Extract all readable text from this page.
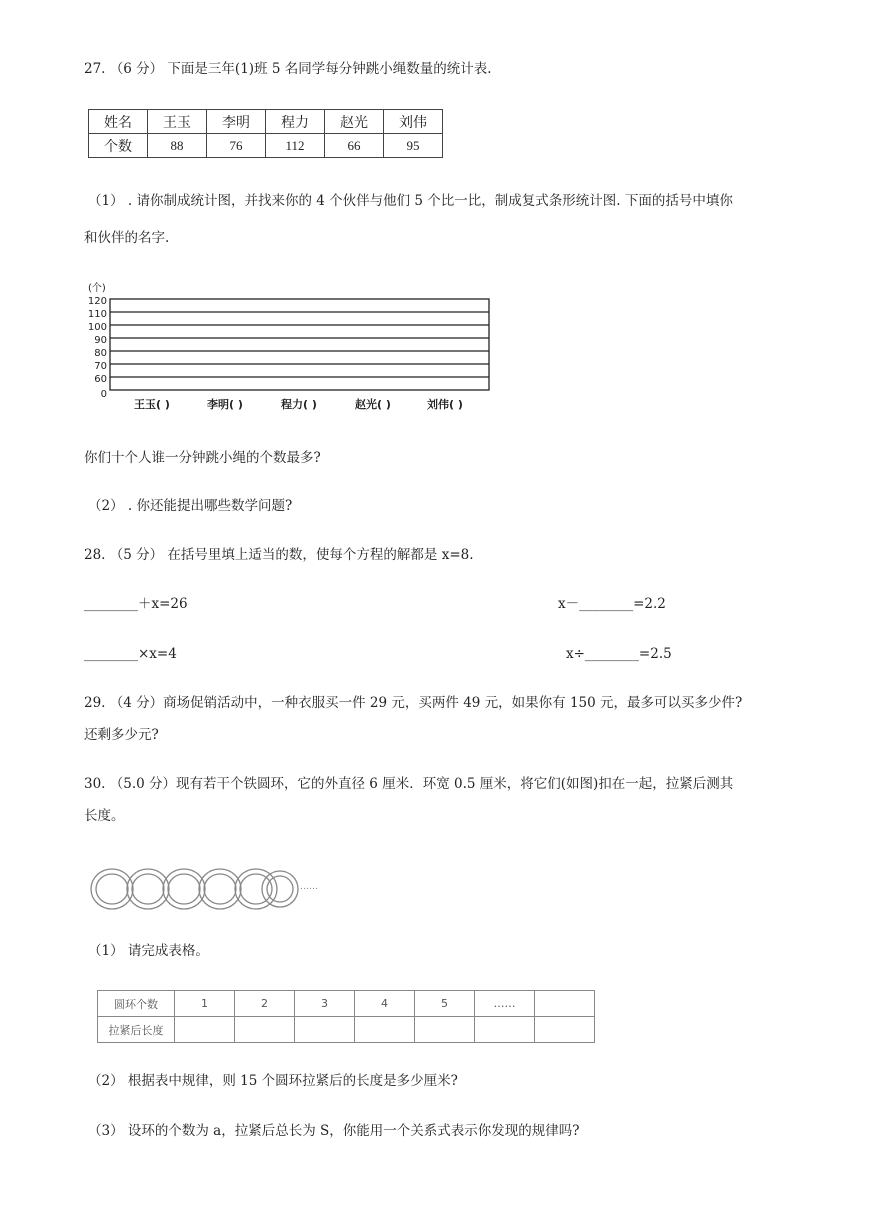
27. （6 分） 下面是三年(1)班 5 名同学每分钟跳小绳数量的统计表.
姓名	王玉	李明	程力	赵光	刘伟
个数	88	76	112	66	95
（1） . 请你制成统计图，并找来你的 4 个伙伴与他们 5 个比一比，制成复式条形统计图. 下面的括号中填你
和伙伴的名字.
(个)
120
110
100
90
80
70
60
0
王玉( )	李明( )	程力( )	赵光( )	刘伟( )
你们十个人谁一分钟跳小绳的个数最多?
（2） . 你还能提出哪些数学问题?
28. （5 分） 在括号里填上适当的数，使每个方程的解都是 x=8.
________＋x=26	x－________=2.2
________×x=4	x÷________=2.5
29. （4 分）商场促销活动中，一种衣服买一件 29 元，买两件 49 元，如果你有 150 元，最多可以买多少件?
还剩多少元?
30. （5.0 分）现有若干个铁圆环，它的外直径 6 厘米．环宽 0.5 厘米，将它们(如图)扣在一起，拉紧后测其
长度。
……
（1） 请完成表格。
圆环个数	1	2	3	4	5	……	
拉紧后长度							
（2） 根据表中规律，则 15 个圆环拉紧后的长度是多少厘米?
（3） 设环的个数为 a，拉紧后总长为 S，你能用一个关系式表示你发现的规律吗?
